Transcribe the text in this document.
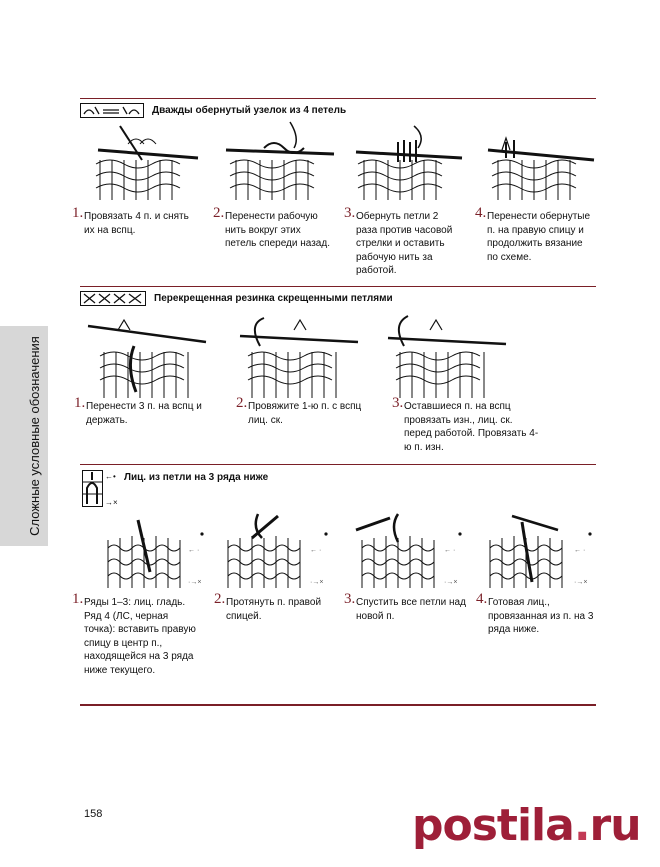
Сложные условные обозначения
Дважды обернутый узелок из 4 петель
1. Провязать 4 п. и снять их на вспц.
2. Перенести рабочую нить вокруг этих петель спереди назад.
3. Обернуть петли 2 раза против часовой стрелки и оставить рабочую нить за работой.
4. Перенести обернутые п. на правую спицу и продолжить вязание по схеме.
Перекрещенная резинка скрещенными петлями
1. Перенести 3 п. на вспц и держать.
2. Провяжите 1-ю п. с вспц лиц. ск.
3. Оставшиеся п. на вспц провязать изн., лиц. ск. перед работой. Провязать 4-ю п. изн.
←•
→×
Лиц. из петли на 3 ряда ниже
← ·
·→×
1. Ряды 1–3: лиц. гладь. Ряд 4 (ЛС, черная точка): вставить правую спицу в центр п., находящейся на 3 ряда ниже текущего.
← ·
·→×
2. Протянуть п. правой спицей.
← ·
·→×
3. Спустить все петли над новой п.
← ·
·→×
4. Готовая лиц., провязанная из п. на 3 ряда ниже.
158	postila.ru
